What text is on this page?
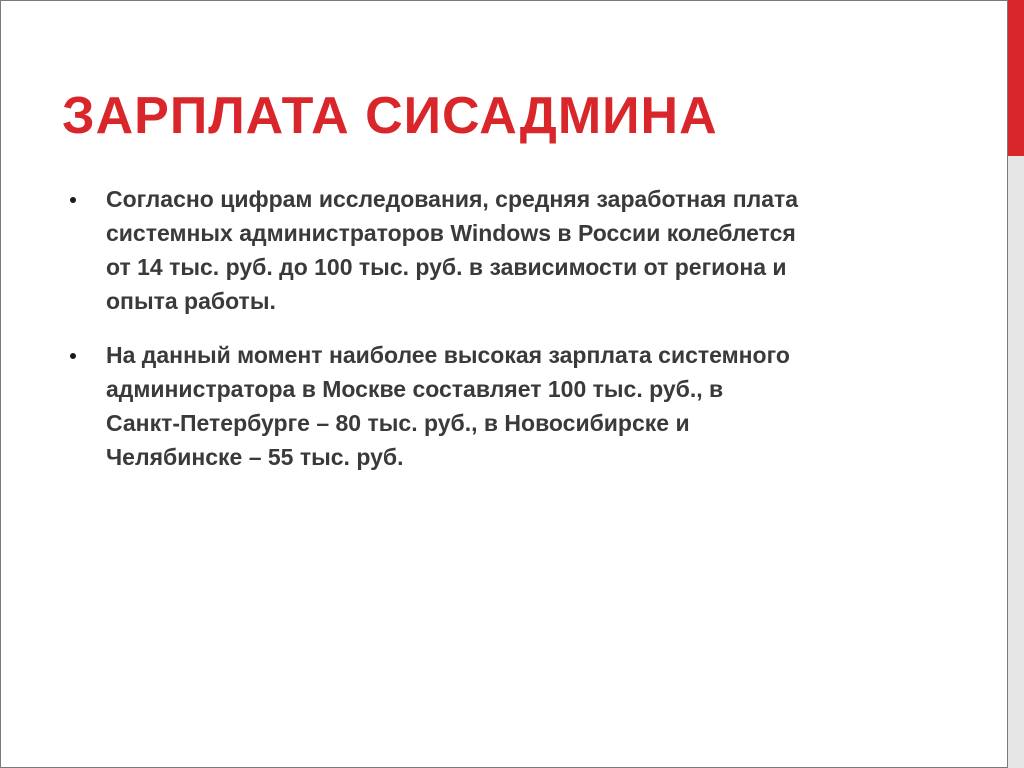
ЗАРПЛАТА СИСАДМИНА
Согласно цифрам исследования, средняя заработная плата
системных администраторов Windows в России колеблется
от 14 тыс. руб. до 100 тыс. руб. в зависимости от региона и
опыта работы.
На данный момент наиболее высокая зарплата системного
администратора в Москве составляет 100 тыс. руб., в
Санкт-Петербурге – 80 тыс. руб., в Новосибирске и
Челябинске – 55 тыс. руб.
